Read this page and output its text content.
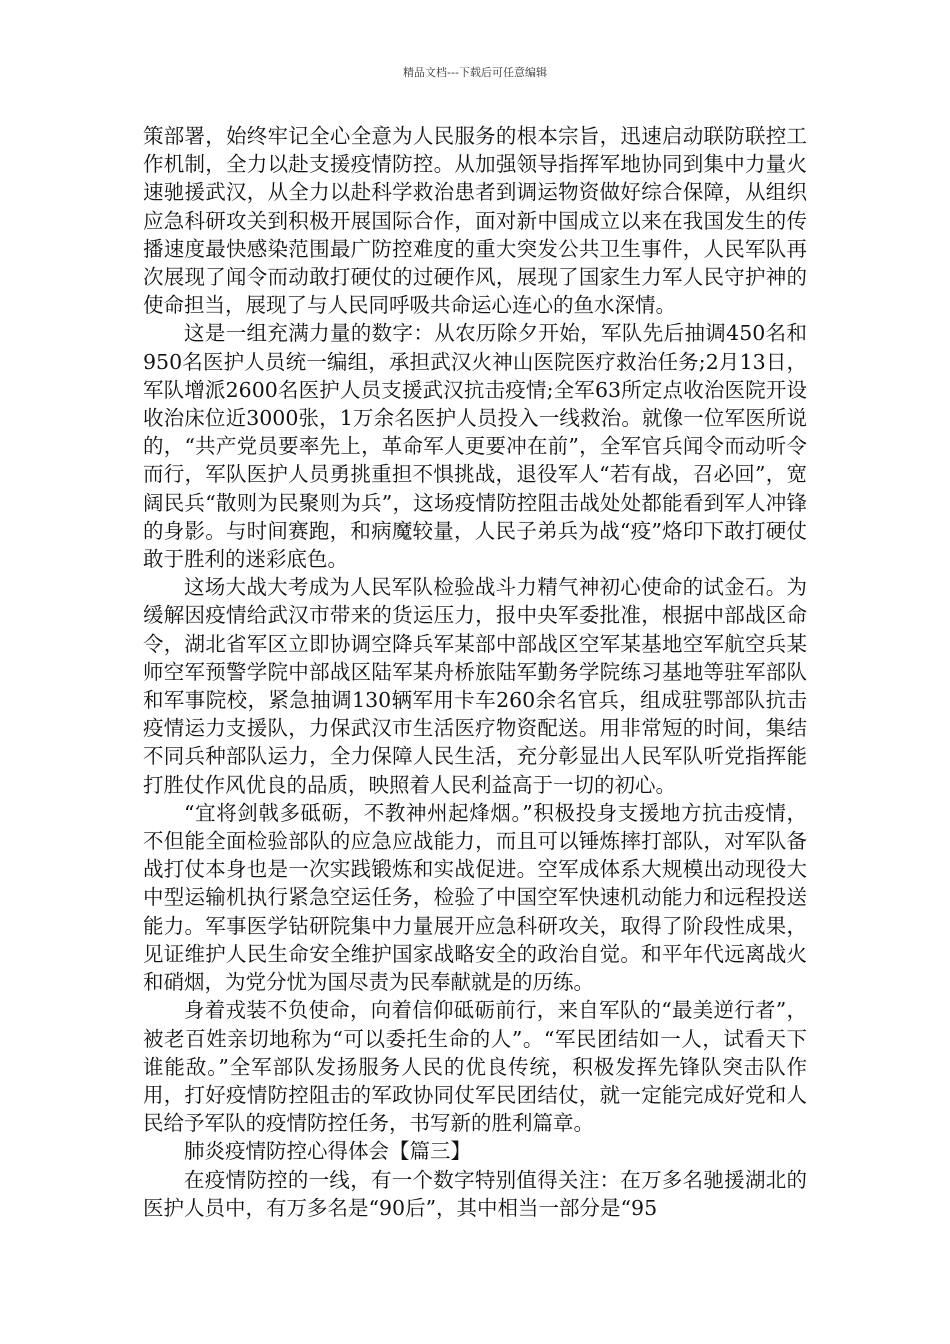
精品文档---下载后可任意编辑

策部署，始终牢记全心全意为人民服务的根本宗旨，迅速启动联防联控工作机制，全力以赴支援疫情防控。从加强领导指挥军地协同到集中力量火速驰援武汉，从全力以赴科学救治患者到调运物资做好综合保障，从组织应急科研攻关到积极开展国际合作，面对新中国成立以来在我国发生的传播速度最快感染范围最广防控难度的重大突发公共卫生事件，人民军队再次展现了闻令而动敢打硬仗的过硬作风，展现了国家生力军人民守护神的使命担当，展现了与人民同呼吸共命运心连心的鱼水深情。

这是一组充满力量的数字：从农历除夕开始，军队先后抽调450名和950名医护人员统一编组，承担武汉火神山医院医疗救治任务;2月13日，军队增派2600名医护人员支援武汉抗击疫情;全军63所定点收治医院开设收治床位近3000张，1万余名医护人员投入一线救治。就像一位军医所说的，“共产党员要率先上，革命军人更要冲在前”，全军官兵闻令而动听令而行，军队医护人员勇挑重担不惧挑战，退役军人“若有战，召必回”，宽阔民兵“散则为民聚则为兵”，这场疫情防控阻击战处处都能看到军人冲锋的身影。与时间赛跑，和病魔较量，人民子弟兵为战“疫”烙印下敢打硬仗敢于胜利的迷彩底色。

这场大战大考成为人民军队检验战斗力精气神初心使命的试金石。为缓解因疫情给武汉市带来的货运压力，报中央军委批准，根据中部战区命令，湖北省军区立即协调空降兵军某部中部战区空军某基地空军航空兵某师空军预警学院中部战区陆军某舟桥旅陆军勤务学院练习基地等驻军部队和军事院校，紧急抽调130辆军用卡车260余名官兵，组成驻鄂部队抗击疫情运力支援队，力保武汉市生活医疗物资配送。用非常短的时间，集结不同兵种部队运力，全力保障人民生活，充分彰显出人民军队听党指挥能打胜仗作风优良的品质，映照着人民利益高于一切的初心。

“宜将剑戟多砥砺，不教神州起烽烟。”积极投身支援地方抗击疫情，不但能全面检验部队的应急应战能力，而且可以锤炼摔打部队，对军队备战打仗本身也是一次实践锻炼和实战促进。空军成体系大规模出动现役大中型运输机执行紧急空运任务，检验了中国空军快速机动能力和远程投送能力。军事医学钻研院集中力量展开应急科研攻关，取得了阶段性成果，见证维护人民生命安全维护国家战略安全的政治自觉。和平年代远离战火和硝烟，为党分忧为国尽责为民奉献就是的历练。

身着戎装不负使命，向着信仰砥砺前行，来自军队的“最美逆行者”，被老百姓亲切地称为“可以委托生命的人”。“军民团结如一人，试看天下谁能敌。”全军部队发扬服务人民的优良传统，积极发挥先锋队突击队作用，打好疫情防控阻击的军政协同仗军民团结仗，就一定能完成好党和人民给予军队的疫情防控任务，书写新的胜利篇章。

肺炎疫情防控心得体会【篇三】

在疫情防控的一线，有一个数字特别值得关注：在万多名驰援湖北的医护人员中，有万多名是“90后”，其中相当一部分是“95
